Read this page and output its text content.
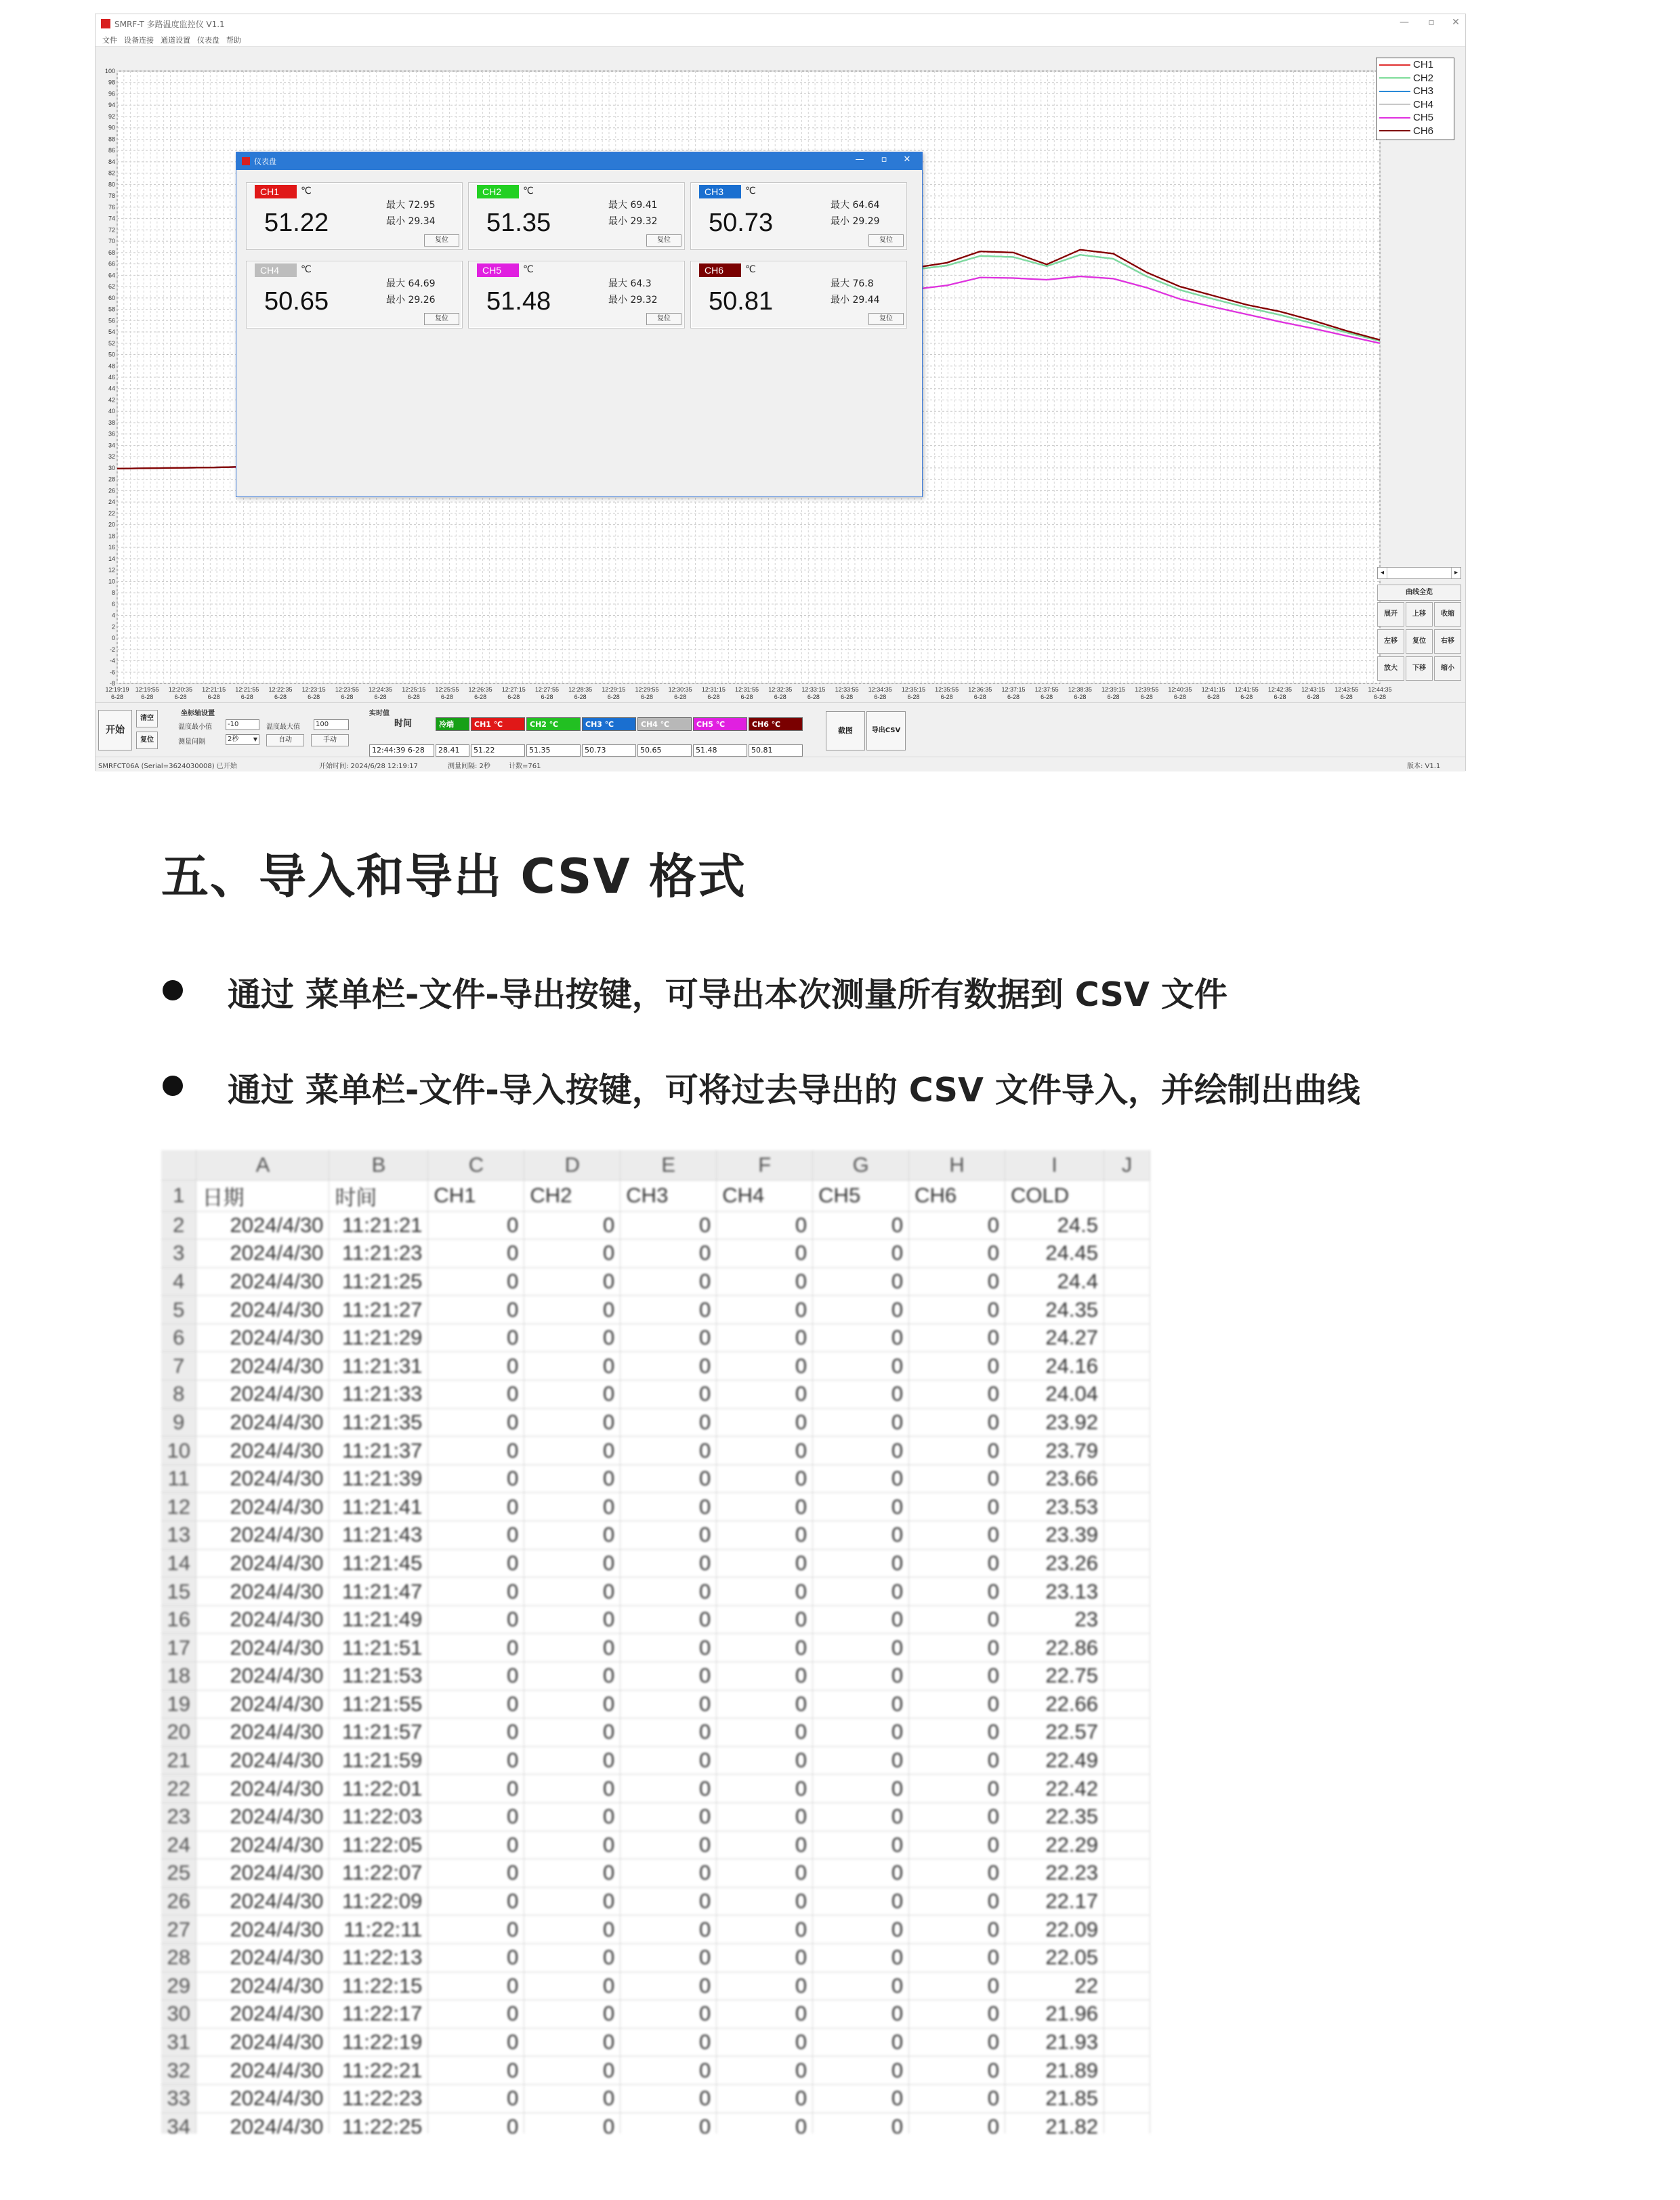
SMRF-T 多路温度监控仪 V1.1	—	▫	✕
文件 设备连接 通道设置 仪表盘 帮助
100
98
96
94
92
90
88
86
84
82
80
78
76
74
72
70
68
66
64
62
60
58
56
54
52
50
48
46
44
42
40
38
36
34
32
30
28
26
24
22
20
18
16
14
12
10
8
6
4
2
0
-2
-4
-6
-8
12:19:19
6-28
12:19:55
6-28
12:20:35
6-28
12:21:15
6-28
12:21:55
6-28
12:22:35
6-28
12:23:15
6-28
12:23:55
6-28
12:24:35
6-28
12:25:15
6-28
12:25:55
6-28
12:26:35
6-28
12:27:15
6-28
12:27:55
6-28
12:28:35
6-28
12:29:15
6-28
12:29:55
6-28
12:30:35
6-28
12:31:15
6-28
12:31:55
6-28
12:32:35
6-28
12:33:15
6-28
12:33:55
6-28
12:34:35
6-28
12:35:15
6-28
12:35:55
6-28
12:36:35
6-28
12:37:15
6-28
12:37:55
6-28
12:38:35
6-28
12:39:15
6-28
12:39:55
6-28
12:40:35
6-28
12:41:15
6-28
12:41:55
6-28
12:42:35
6-28
12:43:15
6-28
12:43:55
6-28
12:44:35
6-28
CH1
CH2
CH3
CH4
CH5
CH6
◂	▸
曲线全览
展开	上移	收缩
左移	复位	右移
放大	下移	缩小
开始
清空
复位
坐标轴设置
温度最小值	-10	温度最大值	100
测量间隔	2秒	▼	自动	手动
实时值
时间
12:44:39 6-28
冷端
28.41
CH1 ℃
51.22
CH2 ℃
51.35
CH3 ℃
50.73
CH4 ℃
50.65
CH5 ℃
51.48
CH6 ℃
50.81
截图	导出CSV
SMRFCT06A (Serial=3624030008) 已开始	开始时间: 2024/6/28 12:19:17	测量间隔: 2秒	计数=761	版本: V1.1
仪表盘	—	▫	✕
CH1	℃
51.22
最大 72.95
最小 29.34
复位
CH2	℃
51.35
最大 69.41
最小 29.32
复位
CH3	℃
50.73
最大 64.64
最小 29.29
复位
CH4	℃
50.65
最大 64.69
最小 29.26
复位
CH5	℃
51.48
最大 64.3
最小 29.32
复位
CH6	℃
50.81
最大 76.8
最小 29.44
复位
五、导入和导出 CSV 格式
通过 菜单栏-文件-导出按键，可导出本次测量所有数据到 CSV 文件
通过 菜单栏-文件-导入按键，可将过去导出的 CSV 文件导入，并绘制出曲线
	A	B	C	D	E	F	G	H	I	J
1	日期	时间	CH1	CH2	CH3	CH4	CH5	CH6	COLD	
2	2024/4/30	11:21:21	0	0	0	0	0	0	24.5	
3	2024/4/30	11:21:23	0	0	0	0	0	0	24.45	
4	2024/4/30	11:21:25	0	0	0	0	0	0	24.4	
5	2024/4/30	11:21:27	0	0	0	0	0	0	24.35	
6	2024/4/30	11:21:29	0	0	0	0	0	0	24.27	
7	2024/4/30	11:21:31	0	0	0	0	0	0	24.16	
8	2024/4/30	11:21:33	0	0	0	0	0	0	24.04	
9	2024/4/30	11:21:35	0	0	0	0	0	0	23.92	
10	2024/4/30	11:21:37	0	0	0	0	0	0	23.79	
11	2024/4/30	11:21:39	0	0	0	0	0	0	23.66	
12	2024/4/30	11:21:41	0	0	0	0	0	0	23.53	
13	2024/4/30	11:21:43	0	0	0	0	0	0	23.39	
14	2024/4/30	11:21:45	0	0	0	0	0	0	23.26	
15	2024/4/30	11:21:47	0	0	0	0	0	0	23.13	
16	2024/4/30	11:21:49	0	0	0	0	0	0	23	
17	2024/4/30	11:21:51	0	0	0	0	0	0	22.86	
18	2024/4/30	11:21:53	0	0	0	0	0	0	22.75	
19	2024/4/30	11:21:55	0	0	0	0	0	0	22.66	
20	2024/4/30	11:21:57	0	0	0	0	0	0	22.57	
21	2024/4/30	11:21:59	0	0	0	0	0	0	22.49	
22	2024/4/30	11:22:01	0	0	0	0	0	0	22.42	
23	2024/4/30	11:22:03	0	0	0	0	0	0	22.35	
24	2024/4/30	11:22:05	0	0	0	0	0	0	22.29	
25	2024/4/30	11:22:07	0	0	0	0	0	0	22.23	
26	2024/4/30	11:22:09	0	0	0	0	0	0	22.17	
27	2024/4/30	11:22:11	0	0	0	0	0	0	22.09	
28	2024/4/30	11:22:13	0	0	0	0	0	0	22.05	
29	2024/4/30	11:22:15	0	0	0	0	0	0	22	
30	2024/4/30	11:22:17	0	0	0	0	0	0	21.96	
31	2024/4/30	11:22:19	0	0	0	0	0	0	21.93	
32	2024/4/30	11:22:21	0	0	0	0	0	0	21.89	
33	2024/4/30	11:22:23	0	0	0	0	0	0	21.85	
34	2024/4/30	11:22:25	0	0	0	0	0	0	21.82	
